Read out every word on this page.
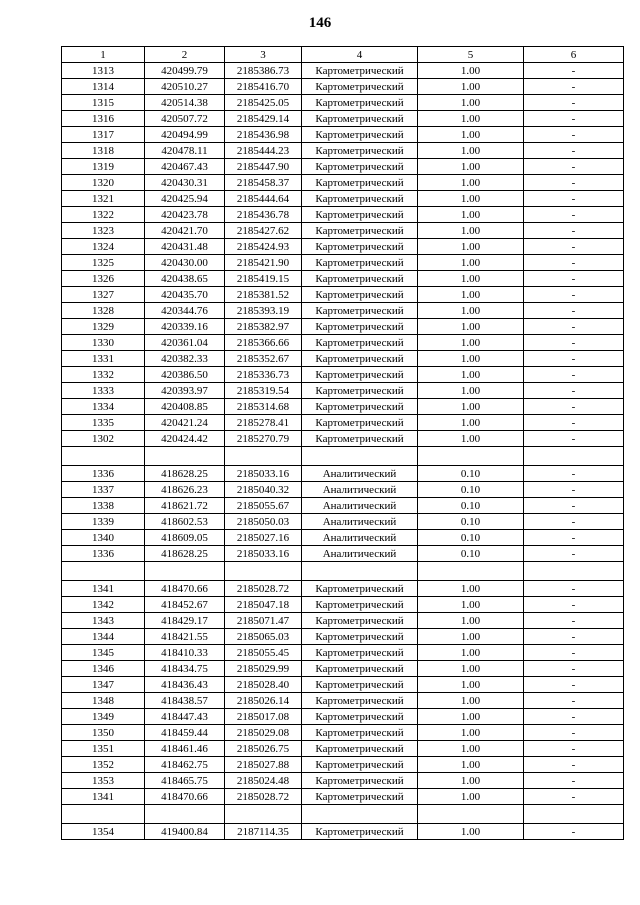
146
1	2	3	4	5	6
1313	420499.79	2185386.73	Картометрический	1.00	-
1314	420510.27	2185416.70	Картометрический	1.00	-
1315	420514.38	2185425.05	Картометрический	1.00	-
1316	420507.72	2185429.14	Картометрический	1.00	-
1317	420494.99	2185436.98	Картометрический	1.00	-
1318	420478.11	2185444.23	Картометрический	1.00	-
1319	420467.43	2185447.90	Картометрический	1.00	-
1320	420430.31	2185458.37	Картометрический	1.00	-
1321	420425.94	2185444.64	Картометрический	1.00	-
1322	420423.78	2185436.78	Картометрический	1.00	-
1323	420421.70	2185427.62	Картометрический	1.00	-
1324	420431.48	2185424.93	Картометрический	1.00	-
1325	420430.00	2185421.90	Картометрический	1.00	-
1326	420438.65	2185419.15	Картометрический	1.00	-
1327	420435.70	2185381.52	Картометрический	1.00	-
1328	420344.76	2185393.19	Картометрический	1.00	-
1329	420339.16	2185382.97	Картометрический	1.00	-
1330	420361.04	2185366.66	Картометрический	1.00	-
1331	420382.33	2185352.67	Картометрический	1.00	-
1332	420386.50	2185336.73	Картометрический	1.00	-
1333	420393.97	2185319.54	Картометрический	1.00	-
1334	420408.85	2185314.68	Картометрический	1.00	-
1335	420421.24	2185278.41	Картометрический	1.00	-
1302	420424.42	2185270.79	Картометрический	1.00	-

1336	418628.25	2185033.16	Аналитический	0.10	-
1337	418626.23	2185040.32	Аналитический	0.10	-
1338	418621.72	2185055.67	Аналитический	0.10	-
1339	418602.53	2185050.03	Аналитический	0.10	-
1340	418609.05	2185027.16	Аналитический	0.10	-
1336	418628.25	2185033.16	Аналитический	0.10	-

1341	418470.66	2185028.72	Картометрический	1.00	-
1342	418452.67	2185047.18	Картометрический	1.00	-
1343	418429.17	2185071.47	Картометрический	1.00	-
1344	418421.55	2185065.03	Картометрический	1.00	-
1345	418410.33	2185055.45	Картометрический	1.00	-
1346	418434.75	2185029.99	Картометрический	1.00	-
1347	418436.43	2185028.40	Картометрический	1.00	-
1348	418438.57	2185026.14	Картометрический	1.00	-
1349	418447.43	2185017.08	Картометрический	1.00	-
1350	418459.44	2185029.08	Картометрический	1.00	-
1351	418461.46	2185026.75	Картометрический	1.00	-
1352	418462.75	2185027.88	Картометрический	1.00	-
1353	418465.75	2185024.48	Картометрический	1.00	-
1341	418470.66	2185028.72	Картометрический	1.00	-

1354	419400.84	2187114.35	Картометрический	1.00	-
